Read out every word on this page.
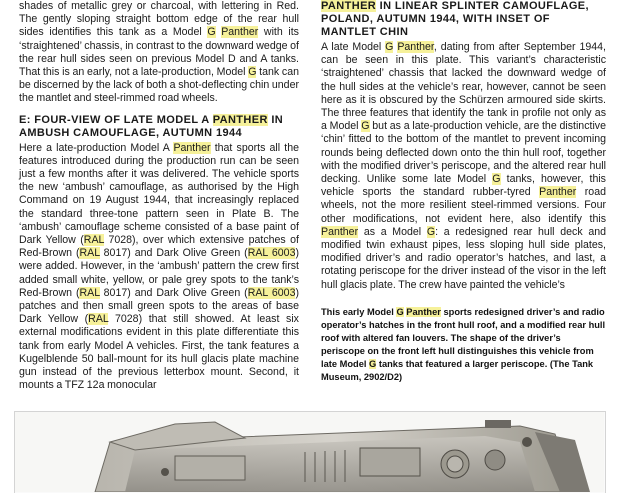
shades of metallic grey or charcoal, with lettering in Red. The gently sloping straight bottom edge of the rear hull sides identifies this tank as a Model G Panther with its ‘straightened’ chassis, in contrast to the downward wedge of the rear hull sides seen on previous Model D and A tanks. That this is an early, not a late-production, Model G tank can be discerned by the lack of both a shot-deflecting chin under the mantlet and steel-rimmed road wheels.

E: FOUR-VIEW OF LATE MODEL A PANTHER IN AMBUSH CAMOUFLAGE, AUTUMN 1944

Here a late-production Model A Panther that sports all the features introduced during the production run can be seen just a few months after it was delivered. The vehicle sports the new ‘ambush’ camouflage, as authorised by the High Command on 19 August 1944, that increasingly replaced the standard three-tone pattern seen in Plate B. The ‘ambush’ camouflage scheme consisted of a base paint of Dark Yellow (RAL 7028), over which extensive patches of Red-Brown (RAL 8017) and Dark Olive Green (RAL 6003) were added. However, in the ‘ambush’ pattern the crew first added small white, yellow, or pale grey spots to the tank’s Red-Brown (RAL 8017) and Dark Olive Green (RAL 6003) patches and then small green spots to the areas of base Dark Yellow (RAL 7028) that still showed. At least six external modifications evident in this plate differentiate this tank from early Model A vehicles. First, the tank features a Kugelblende 50 ball-mount for its hull glacis plate machine gun instead of the previous letterbox mount. Second, it mounts a TFZ 12a monocular

PANTHER IN LINEAR SPLINTER CAMOUFLAGE, POLAND, AUTUMN 1944, WITH INSET OF MANTLET CHIN

A late Model G Panther, dating from after September 1944, can be seen in this plate. This variant’s characteristic ‘straightened’ chassis that lacked the downward wedge of the hull sides at the vehicle’s rear, however, cannot be seen here as it is obscured by the Schürzen armoured side skirts. The three features that identify the tank in profile not only as a Model G but as a late-production vehicle, are the distinctive ‘chin’ fitted to the bottom of the mantlet to prevent incoming rounds being deflected down onto the thin hull roof, together with the modified driver’s periscope, and the altered rear hull decking. Unlike some late Model G tanks, however, this vehicle sports the standard rubber-tyred Panther road wheels, not the more resilient steel-rimmed versions. Four other modifications, not evident here, also identify this Panther as a Model G: a redesigned rear hull deck and modified twin exhaust pipes, less sloping hull side plates, modified driver’s and radio operator’s hatches, and last, a rotating periscope for the driver instead of the visor in the left hull glacis plate. The crew have painted the vehicle’s

This early Model G Panther sports redesigned driver’s and radio operator’s hatches in the front hull roof, and a modified rear hull roof with altered fan louvers. The shape of the driver’s periscope on the front left hull distinguishes this vehicle from late Model G tanks that featured a larger periscope. (The Tank Museum, 2902/D2)
